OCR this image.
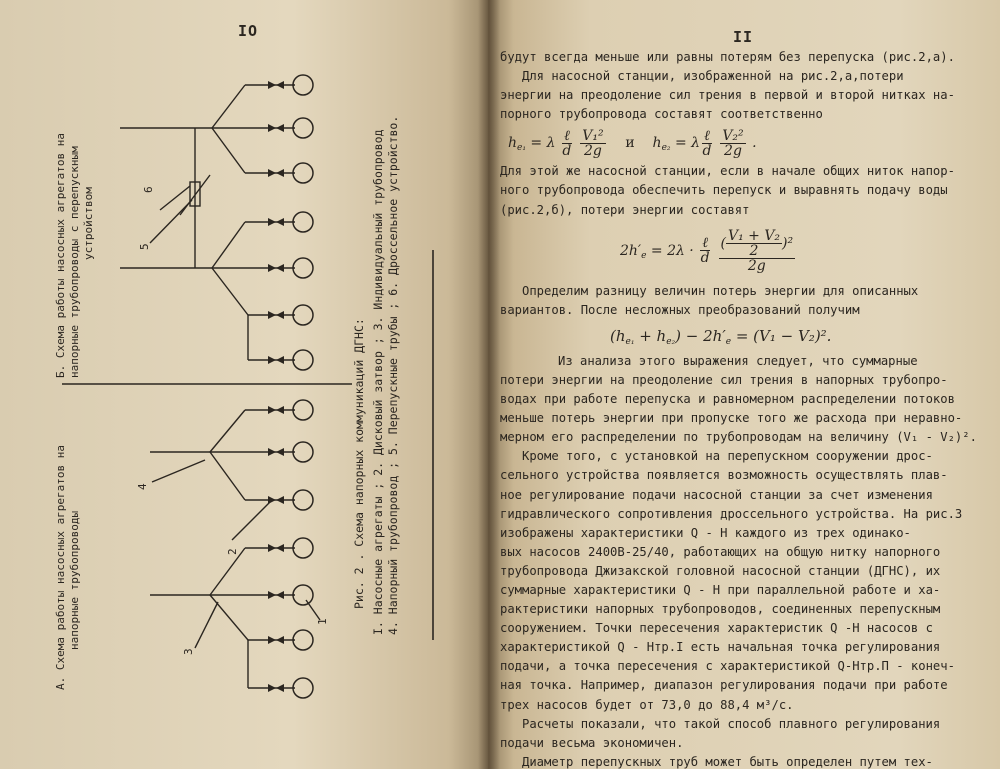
IO
Б. Схема работы насосных агрегатов на напорные трубопроводы с перепускным устройством
А. Схема работы насосных агрегатов на напорные трубопроводы	Рис. 2 . Схема напорных коммуникаций ДГНС: I. Насосные агрегаты ; 2. Дисковый затвор ; 3. Индивидуальный трубопровод 4. Напорный трубопровод ; 5. Перепускные трубы ; 6. Дроссельное устройство.
5
6
4
2
3
1
II
будут всегда меньше или равны потерям без перепуска (рис.2,а).
Для насосной станции, изображенной на рис.2,а,потери
энергии на преодоление сил трения в первой и второй нитках на-
порного трубопровода составят соответственно
$h_{e_1} = \lambda \frac{\text{ℓ}}{d}$
$\frac{\text{V₁²}}{2g}$ и    $h_{e_2} = \lambda \frac{\text{ℓ}}{d}$
$\frac{\text{V₂²}}{2g}$ .
Для этой же насосной станции, если в начале общих ниток напор-
ного трубопровода обеспечить перепуск и выравнять подачу воды
(рис.2,б), потери энергии составят
$2h'_e = 2\lambda \cdot \frac{\text{ℓ}}{d}$
$\frac{( \frac{\text{V₁ + V₂}}{2} )^2}{2g}$
Определим разницу величин потерь энергии для описанных
вариантов. После несложных преобразований получим
$(h_{e_1} + h_{e_2}) - 2h'_e = (V_1 - V_2)^2$.
Из анализа этого выражения следует, что суммарные
потери энергии на преодоление сил трения в напорных трубопро-
водах при работе перепуска и равномерном распределении потоков
меньше потерь энергии при пропуске того же расхода при неравно-
мерном его распределении по трубопроводам на величину (V₁ - V₂)².
Кроме того, с установкой на перепускном сооружении дрос-
сельного устройства появляется возможность осуществлять плав-
ное регулирование подачи насосной станции за счет изменения
гидравлического сопротивления дроссельного устройства. На рис.3
изображены характеристики Q - H каждого из трех одинако-
вых насосов 2400В-25/40, работающих на общую нитку напорного
трубопровода Джизакской головной насосной станции (ДГНС), их
суммарные характеристики Q - H при параллельной работе и ха-
рактеристики напорных трубопроводов, соединенных перепускным
сооружением. Точки пересечения характеристик Q -H насосов с
характеристикой Q - Hтр.I есть начальная точка регулирования
подачи, а точка пересечения с характеристикой Q-Hтр.П - конеч-
ная точка. Например, диапазон регулирования подачи при работе
трех насосов будет от 73,0 до 88,4 м³/с.
Расчеты показали, что такой способ плавного регулирования
подачи весьма экономичен.
Диаметр перепускных труб может быть определен путем тех-
